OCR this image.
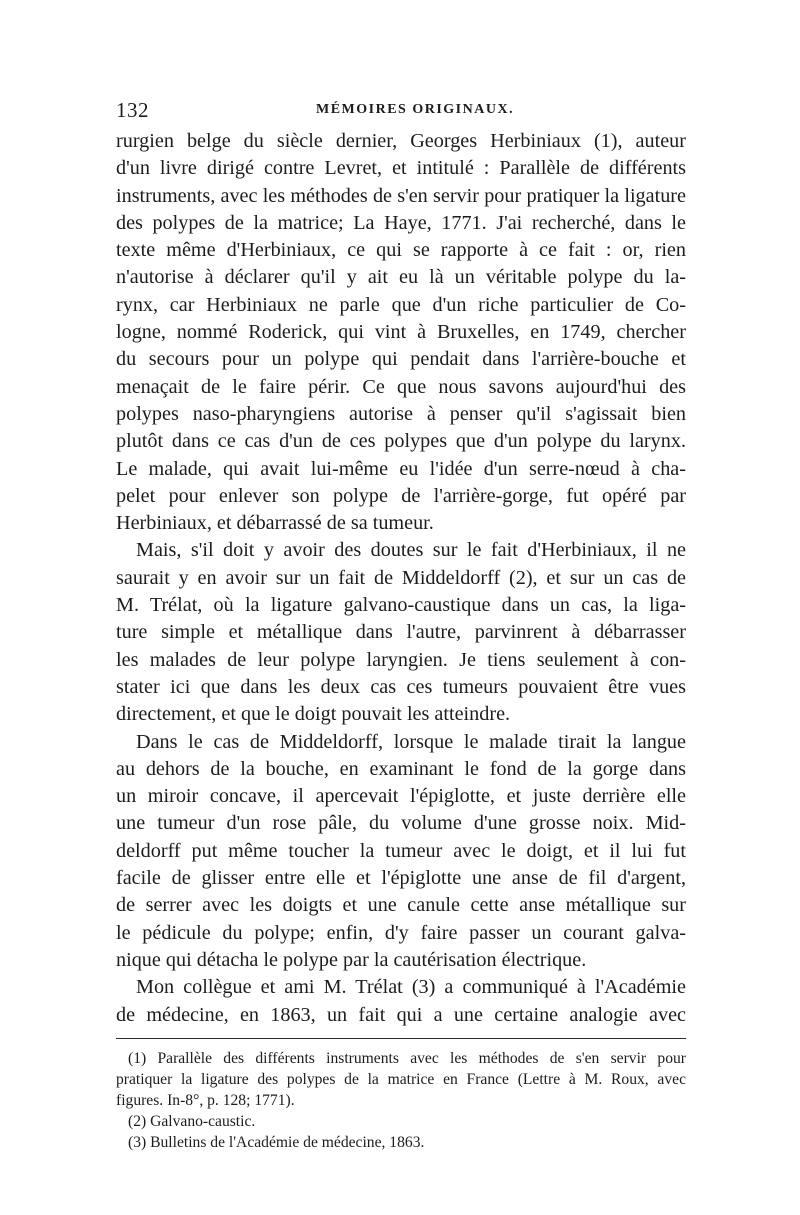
132	MÉMOIRES ORIGINAUX.
rurgien belge du siècle dernier, Georges Herbiniaux (1), auteur
d'un livre dirigé contre Levret, et intitulé : Parallèle de différents
instruments, avec les méthodes de s'en servir pour pratiquer la ligature
des polypes de la matrice; La Haye, 1771. J'ai recherché, dans le
texte même d'Herbiniaux, ce qui se rapporte à ce fait : or, rien
n'autorise à déclarer qu'il y ait eu là un véritable polype du la-
rynx, car Herbiniaux ne parle que d'un riche particulier de Co-
logne, nommé Roderick, qui vint à Bruxelles, en 1749, chercher
du secours pour un polype qui pendait dans l'arrière-bouche et
menaçait de le faire périr. Ce que nous savons aujourd'hui des
polypes naso-pharyngiens autorise à penser qu'il s'agissait bien
plutôt dans ce cas d'un de ces polypes que d'un polype du larynx.
Le malade, qui avait lui-même eu l'idée d'un serre-nœud à cha-
pelet pour enlever son polype de l'arrière-gorge, fut opéré par
Herbiniaux, et débarrassé de sa tumeur.
Mais, s'il doit y avoir des doutes sur le fait d'Herbiniaux, il ne
saurait y en avoir sur un fait de Middeldorff (2), et sur un cas de
M. Trélat, où la ligature galvano-caustique dans un cas, la liga-
ture simple et métallique dans l'autre, parvinrent à débarrasser
les malades de leur polype laryngien. Je tiens seulement à con-
stater ici que dans les deux cas ces tumeurs pouvaient être vues
directement, et que le doigt pouvait les atteindre.
Dans le cas de Middeldorff, lorsque le malade tirait la langue
au dehors de la bouche, en examinant le fond de la gorge dans
un miroir concave, il apercevait l'épiglotte, et juste derrière elle
une tumeur d'un rose pâle, du volume d'une grosse noix. Mid-
deldorff put même toucher la tumeur avec le doigt, et il lui fut
facile de glisser entre elle et l'épiglotte une anse de fil d'argent,
de serrer avec les doigts et une canule cette anse métallique sur
le pédicule du polype; enfin, d'y faire passer un courant galva-
nique qui détacha le polype par la cautérisation électrique.
Mon collègue et ami M. Trélat (3) a communiqué à l'Académie
de médecine, en 1863, un fait qui a une certaine analogie avec
(1) Parallèle des différents instruments avec les méthodes de s'en servir pour
pratiquer la ligature des polypes de la matrice en France (Lettre à M. Roux, avec
figures. In-8°, p. 128; 1771).
(2) Galvano-caustic.
(3) Bulletins de l'Académie de médecine, 1863.
